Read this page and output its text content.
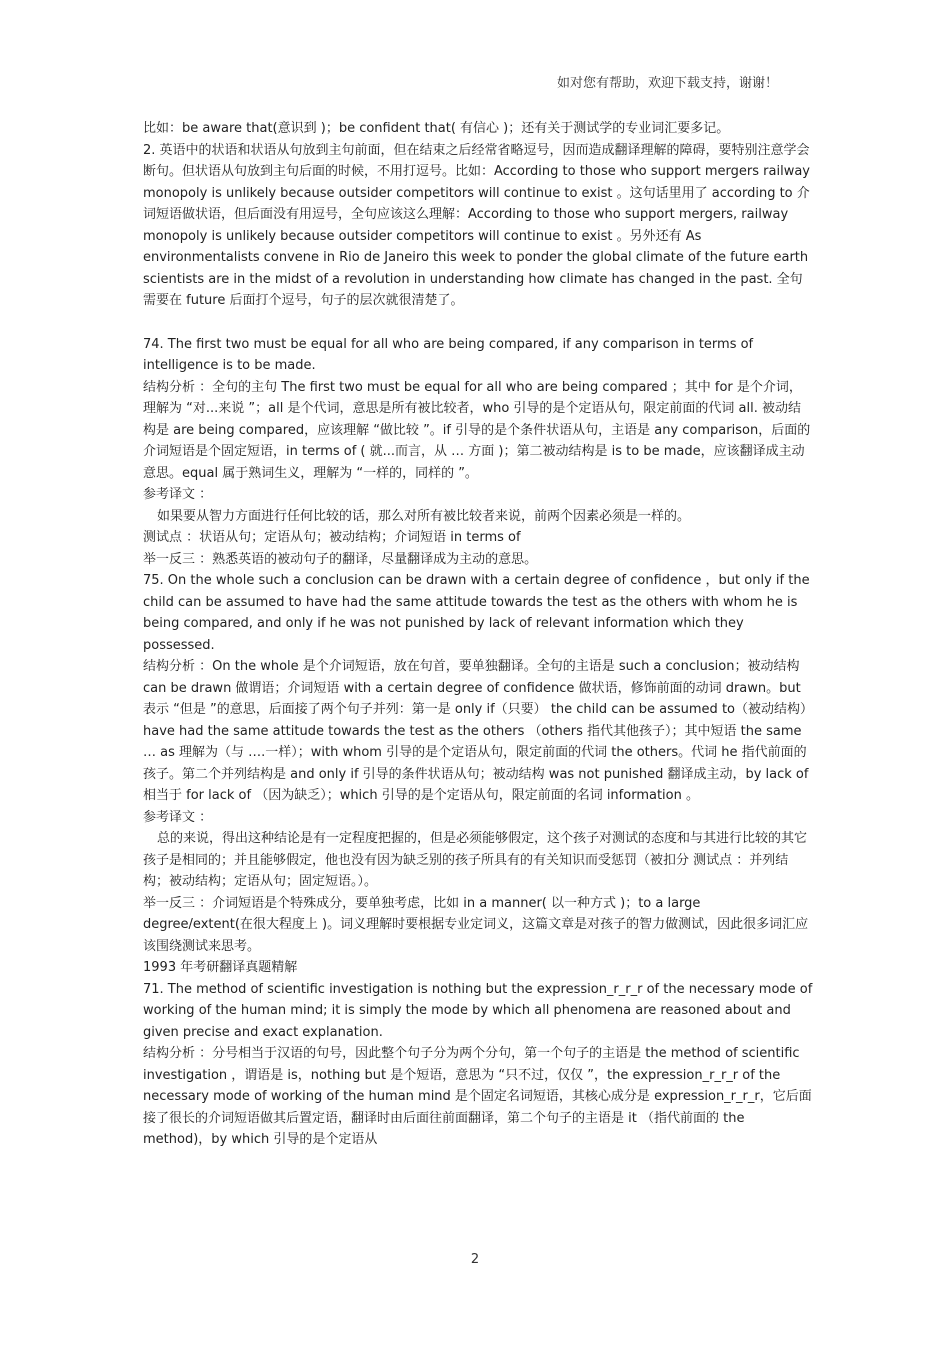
如对您有帮助，欢迎下载支持，谢谢！

比如：be aware that(意识到 )；be confident that( 有信心 )；还有关于测试学的专业词汇要多记。

2. 英语中的状语和状语从句放到主句前面，但在结束之后经常省略逗号，因而造成翻译理解的障碍，要特别注意学会断句。但状语从句放到主句后面的时候，不用打逗号。比如：According to those who support mergers railway monopoly is unlikely because outsider competitors will continue to exist 。这句话里用了 according to 介词短语做状语，但后面没有用逗号，全句应该这么理解：According to those who support mergers, railway monopoly is unlikely because outsider competitors will continue to exist 。另外还有 As environmentalists convene in Rio de Janeiro this week to ponder the global climate of the future earth scientists are in the midst of a revolution in understanding how climate has changed in the past. 全句需要在 future 后面打个逗号，句子的层次就很清楚了。

74. The first two must be equal for all who are being compared, if any comparison in terms of intelligence is to be made.

结构分析 ：全句的主句 The first two must be equal for all who are being compared ；其中 for 是个介词，理解为 “对...来说 ”；all 是个代词，意思是所有被比较者，who 引导的是个定语从句，限定前面的代词 all. 被动结构是 are being compared，应该理解 “做比较 ”。if 引导的是个条件状语从句，主语是 any comparison，后面的介词短语是个固定短语，in terms of ( 就...而言，从 … 方面 )；第二被动结构是 is to be made，应该翻译成主动意思。equal 属于熟词生义，理解为 “一样的，同样的 ”。

参考译文 ：

如果要从智力方面进行任何比较的话，那么对所有被比较者来说，前两个因素必须是一样的。

测试点 ：状语从句；定语从句；被动结构；介词短语 in terms of

举一反三 ：熟悉英语的被动句子的翻译，尽量翻译成为主动的意思。

75. On the whole such a conclusion can be drawn with a certain degree of confidence ，but only if the child can be assumed to have had the same attitude towards the test as the others with whom he is being compared, and only if he was not punished by lack of relevant information which they possessed.

结构分析 ：On the whole 是个介词短语，放在句首，要单独翻译。全句的主语是 such a conclusion；被动结构 can be drawn 做谓语；介词短语 with a certain degree of confidence 做状语，修饰前面的动词 drawn。but 表示 “但是 ”的意思，后面接了两个句子并列：第一是 only if（只要） the child can be assumed to（被动结构） have had the same attitude towards the test as the others （others 指代其他孩子）；其中短语 the same … as 理解为（与 ….一样）；with whom 引导的是个定语从句，限定前面的代词 the others。代词 he 指代前面的孩子。第二个并列结构是 and only if 引导的条件状语从句；被动结构 was not punished 翻译成主动，by lack of 相当于 for lack of （因为缺乏）；which 引导的是个定语从句，限定前面的名词 information 。

参考译文 ：

总的来说，得出这种结论是有一定程度把握的，但是必须能够假定，这个孩子对测试的态度和与其进行比较的其它孩子是相同的；并且能够假定，他也没有因为缺乏别的孩子所具有的有关知识而受惩罚（被扣分 测试点 ：并列结构；被动结构；定语从句；固定短语。）。

举一反三 ：介词短语是个特殊成分，要单独考虑，比如 in a manner( 以一种方式 )；to a large degree/extent(在很大程度上 )。词义理解时要根据专业定词义，这篇文章是对孩子的智力做测试，因此很多词汇应该围绕测试来思考。

1993 年考研翻译真题精解

71. The method of scientific investigation is nothing but the expression_r_r_r of the necessary mode of working of the human mind; it is simply the mode by which all phenomena are reasoned about and given precise and exact explanation.

结构分析 ：分号相当于汉语的句号，因此整个句子分为两个分句，第一个句子的主语是 the method of scientific investigation ，谓语是 is，nothing but 是个短语，意思为 “只不过，仅仅 ”，the expression_r_r_r of the necessary mode of working of the human mind 是个固定名词短语，其核心成分是 expression_r_r_r，它后面接了很长的介词短语做其后置定语，翻译时由后面往前面翻译，第二个句子的主语是 it （指代前面的 the method)，by which 引导的是个定语从

2
